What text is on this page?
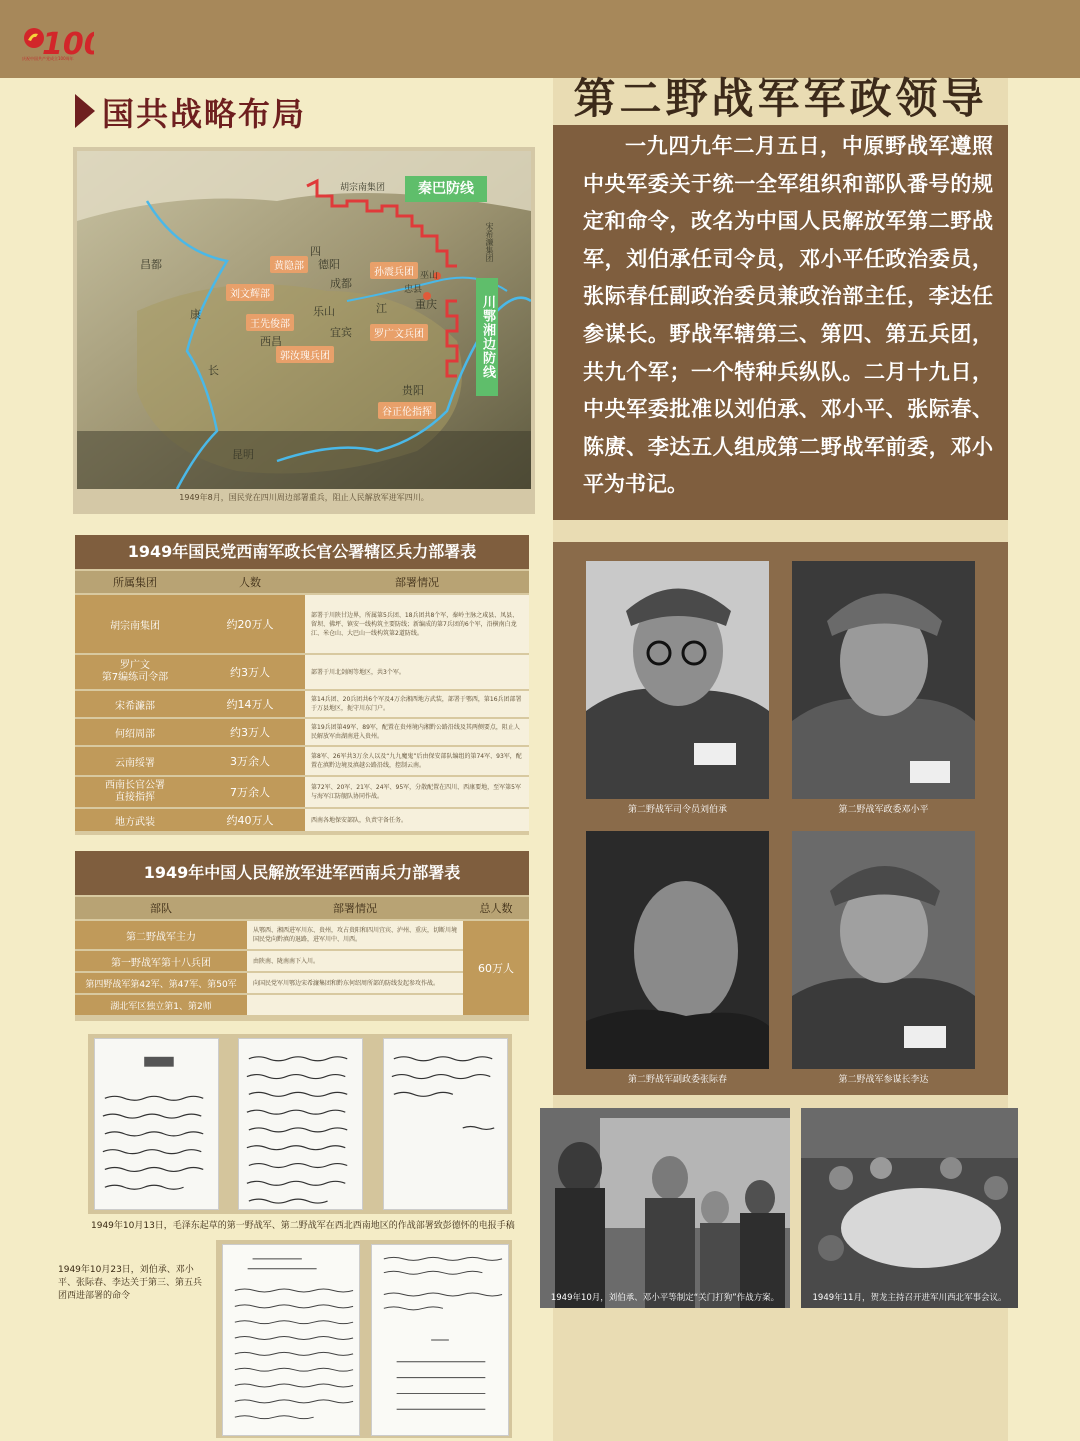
10
庆祝中国共产党成立100周年
第二野战军军政领导
一九四九年二月五日，中原野战军遵照中央军委关于统一全军组织和部队番号的规定和命令，改名为中国人民解放军第二野战军，刘伯承任司令员，邓小平任政治委员，张际春任副政治委员兼政治部主任，李达任参谋长。野战军辖第三、第四、第五兵团，共九个军；一个特种兵纵队。二月十九日，中央军委批准以刘伯承、邓小平、张际春、陈赓、李达五人组成第二野战军前委，邓小平为书记。
第二野战军司令员刘伯承	第二野战军政委邓小平
第二野战军副政委张际春	第二野战军参谋长李达
1949年10月，刘伯承、邓小平等制定“关门打狗”作战方案。	1949年11月，贺龙主持召开进军川西北军事会议。
国共战略布局
秦巴防线
川鄂湘边防线
胡宗南集团
宋希濂集团
黄隐部
孙震兵团
刘文辉部
王先俊部
罗广文兵团
郭汝瑰兵团
谷正伦指挥
昌都
康
德阳
成都
乐山
宜宾
西昌
长
重庆
昆明
贵阳
江
忠县
巫山
四
1949年8月，国民党在四川周边部署重兵，阻止人民解放军进军四川。
1949年国民党西南军政长官公署辖区兵力部署表
所属集团	人数	部署情况
胡宗南集团	约20万人	部署于川陕甘边界，所属第5兵团、18兵团共8个军，秦岭主脉之咸县、凤县、留坝、佛坪、镇安一线构筑主要防线；新编成的第7兵团的6个军，沿横南白龙江、米仓山、大巴山一线构筑第2道防线。
罗广文
第7编练司令部	约3万人	部署于川北剑阁等地区，共3个军。
宋希濂部	约14万人	第14兵团、20兵团共6个军及4万余湘西地方武装，部署于鄂西，第16兵团部署于万县地区，扼守川东门户。
何绍周部	约3万人	第19兵团第49军、89军，配置在贵州境内湘黔公路沿线及其两侧要点，阻止人民解放军由湖南进入贵州。
云南绥署	3万余人	第8军、26军共3万余人以及“九九魔鬼”后由保安部队编组的第74军、93军，配置在滇黔边境及滇越公路沿线，控制云南。
西南长官公署
直接指挥	7万余人	第72军、20军、21军、24军、95军，分散配置在四川、西康要地，至军第5军与海军江防舰队协同作战。
地方武装	约40万人	西南各地保安部队，负责守备任务。
1949年中国人民解放军进军西南兵力部署表
部队	部署情况	总人数
第二野战军主力	从鄂西、湘西进军川东、贵州，攻占贵阳和四川宜宾、泸州、重庆，切断川境国民党向黔滇的退路，进军川中、川西。	60万人
第一野战军第十八兵团	由陕南、陇南南下入川。	
第四野战军第42军、第47军、第50军	向国民党军川鄂边宋希濂集团和黔东何绍周所部的防线发起参攻作战。	
湖北军区独立第1、第2师		
1949年10月13日，毛泽东起草的第一野战军、第二野战军在西北西南地区的作战部署致彭德怀的电报手稿
1949年10月23日，刘伯承、邓小平、张际春、李达关于第三、第五兵团西进部署的命令
